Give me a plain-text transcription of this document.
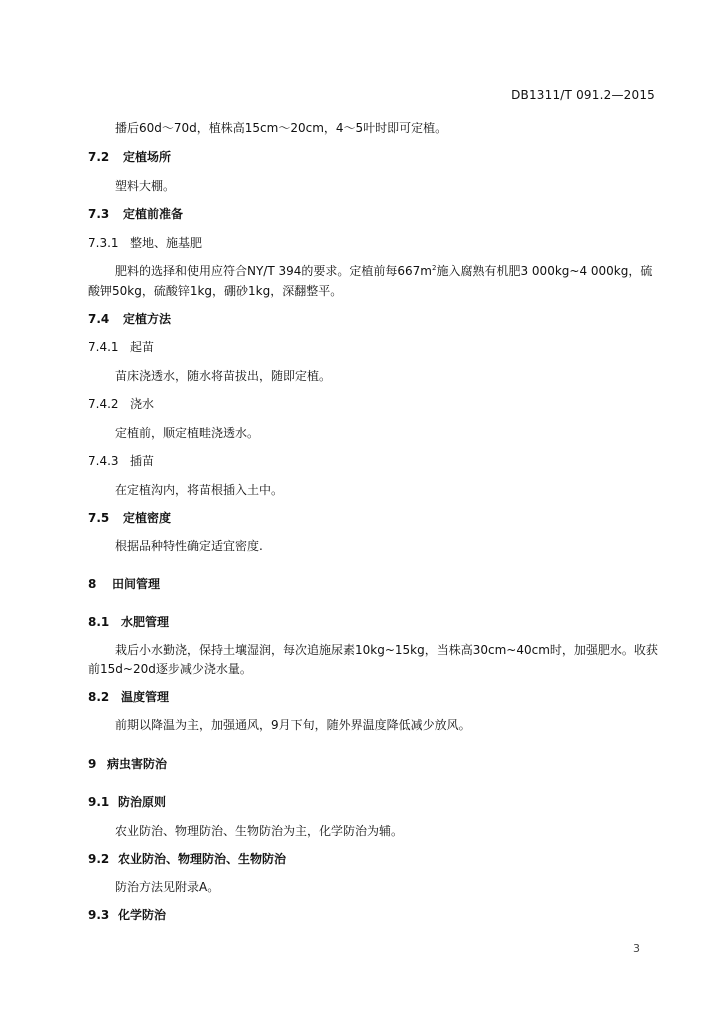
DB1311/T 091.2—2015
播后60d～70d，植株高15cm～20cm，4～5叶时即可定植。
7.2 定植场所
塑料大棚。
7.3 定植前准备
7.3.1 整地、施基肥
肥料的选择和使用应符合NY/T 394的要求。定植前每$667m^2$施入腐熟有机肥3 000kg~4 000kg，硫
酸钾50kg，硫酸锌1kg，硼砂1kg，深翻整平。
7.4 定植方法
7.4.1 起苗
苗床浇透水，随水将苗拔出，随即定植。
7.4.2 浇水
定植前，顺定植畦浇透水。
7.4.3 插苗
在定植沟内，将苗根插入土中。
7.5 定植密度
根据品种特性确定适宜密度.
8 田间管理
8.1 水肥管理
栽后小水勤浇，保持土壤湿润，每次追施尿素10kg~15kg，当株高30cm~40cm时，加强肥水。收获
前15d~20d逐步减少浇水量。
8.2 温度管理
前期以降温为主，加强通风，9月下旬，随外界温度降低减少放风。
9 病虫害防治
9.1 防治原则
农业防治、物理防治、生物防治为主，化学防治为辅。
9.2 农业防治、物理防治、生物防治
防治方法见附录A。
9.3 化学防治
3
